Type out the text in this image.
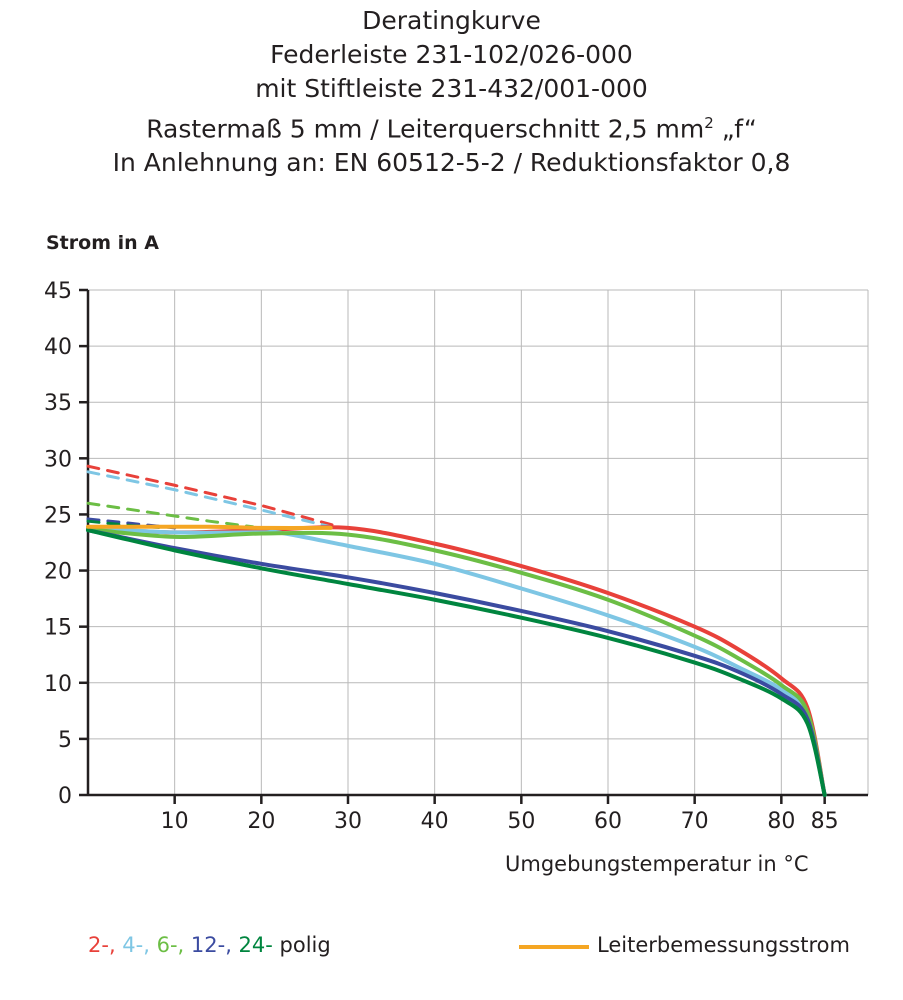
Deratingkurve
Federleiste 231-102/026-000
mit Stiftleiste 231-432/001-000
Rastermaß 5 mm / Leiterquerschnitt 2,5 $mm^2$ „f“
In Anlehnung an: EN 60512-5-2 / Reduktionsfaktor 0,8
Strom in A
Umgebungstemperatur in °C
0
5
10
15
20
25
30
35
40
45
10	20	30	40	50	60	70	80 85
2-, 4-, 6-, 12-, 24- polig	Leiterbemessungsstrom
